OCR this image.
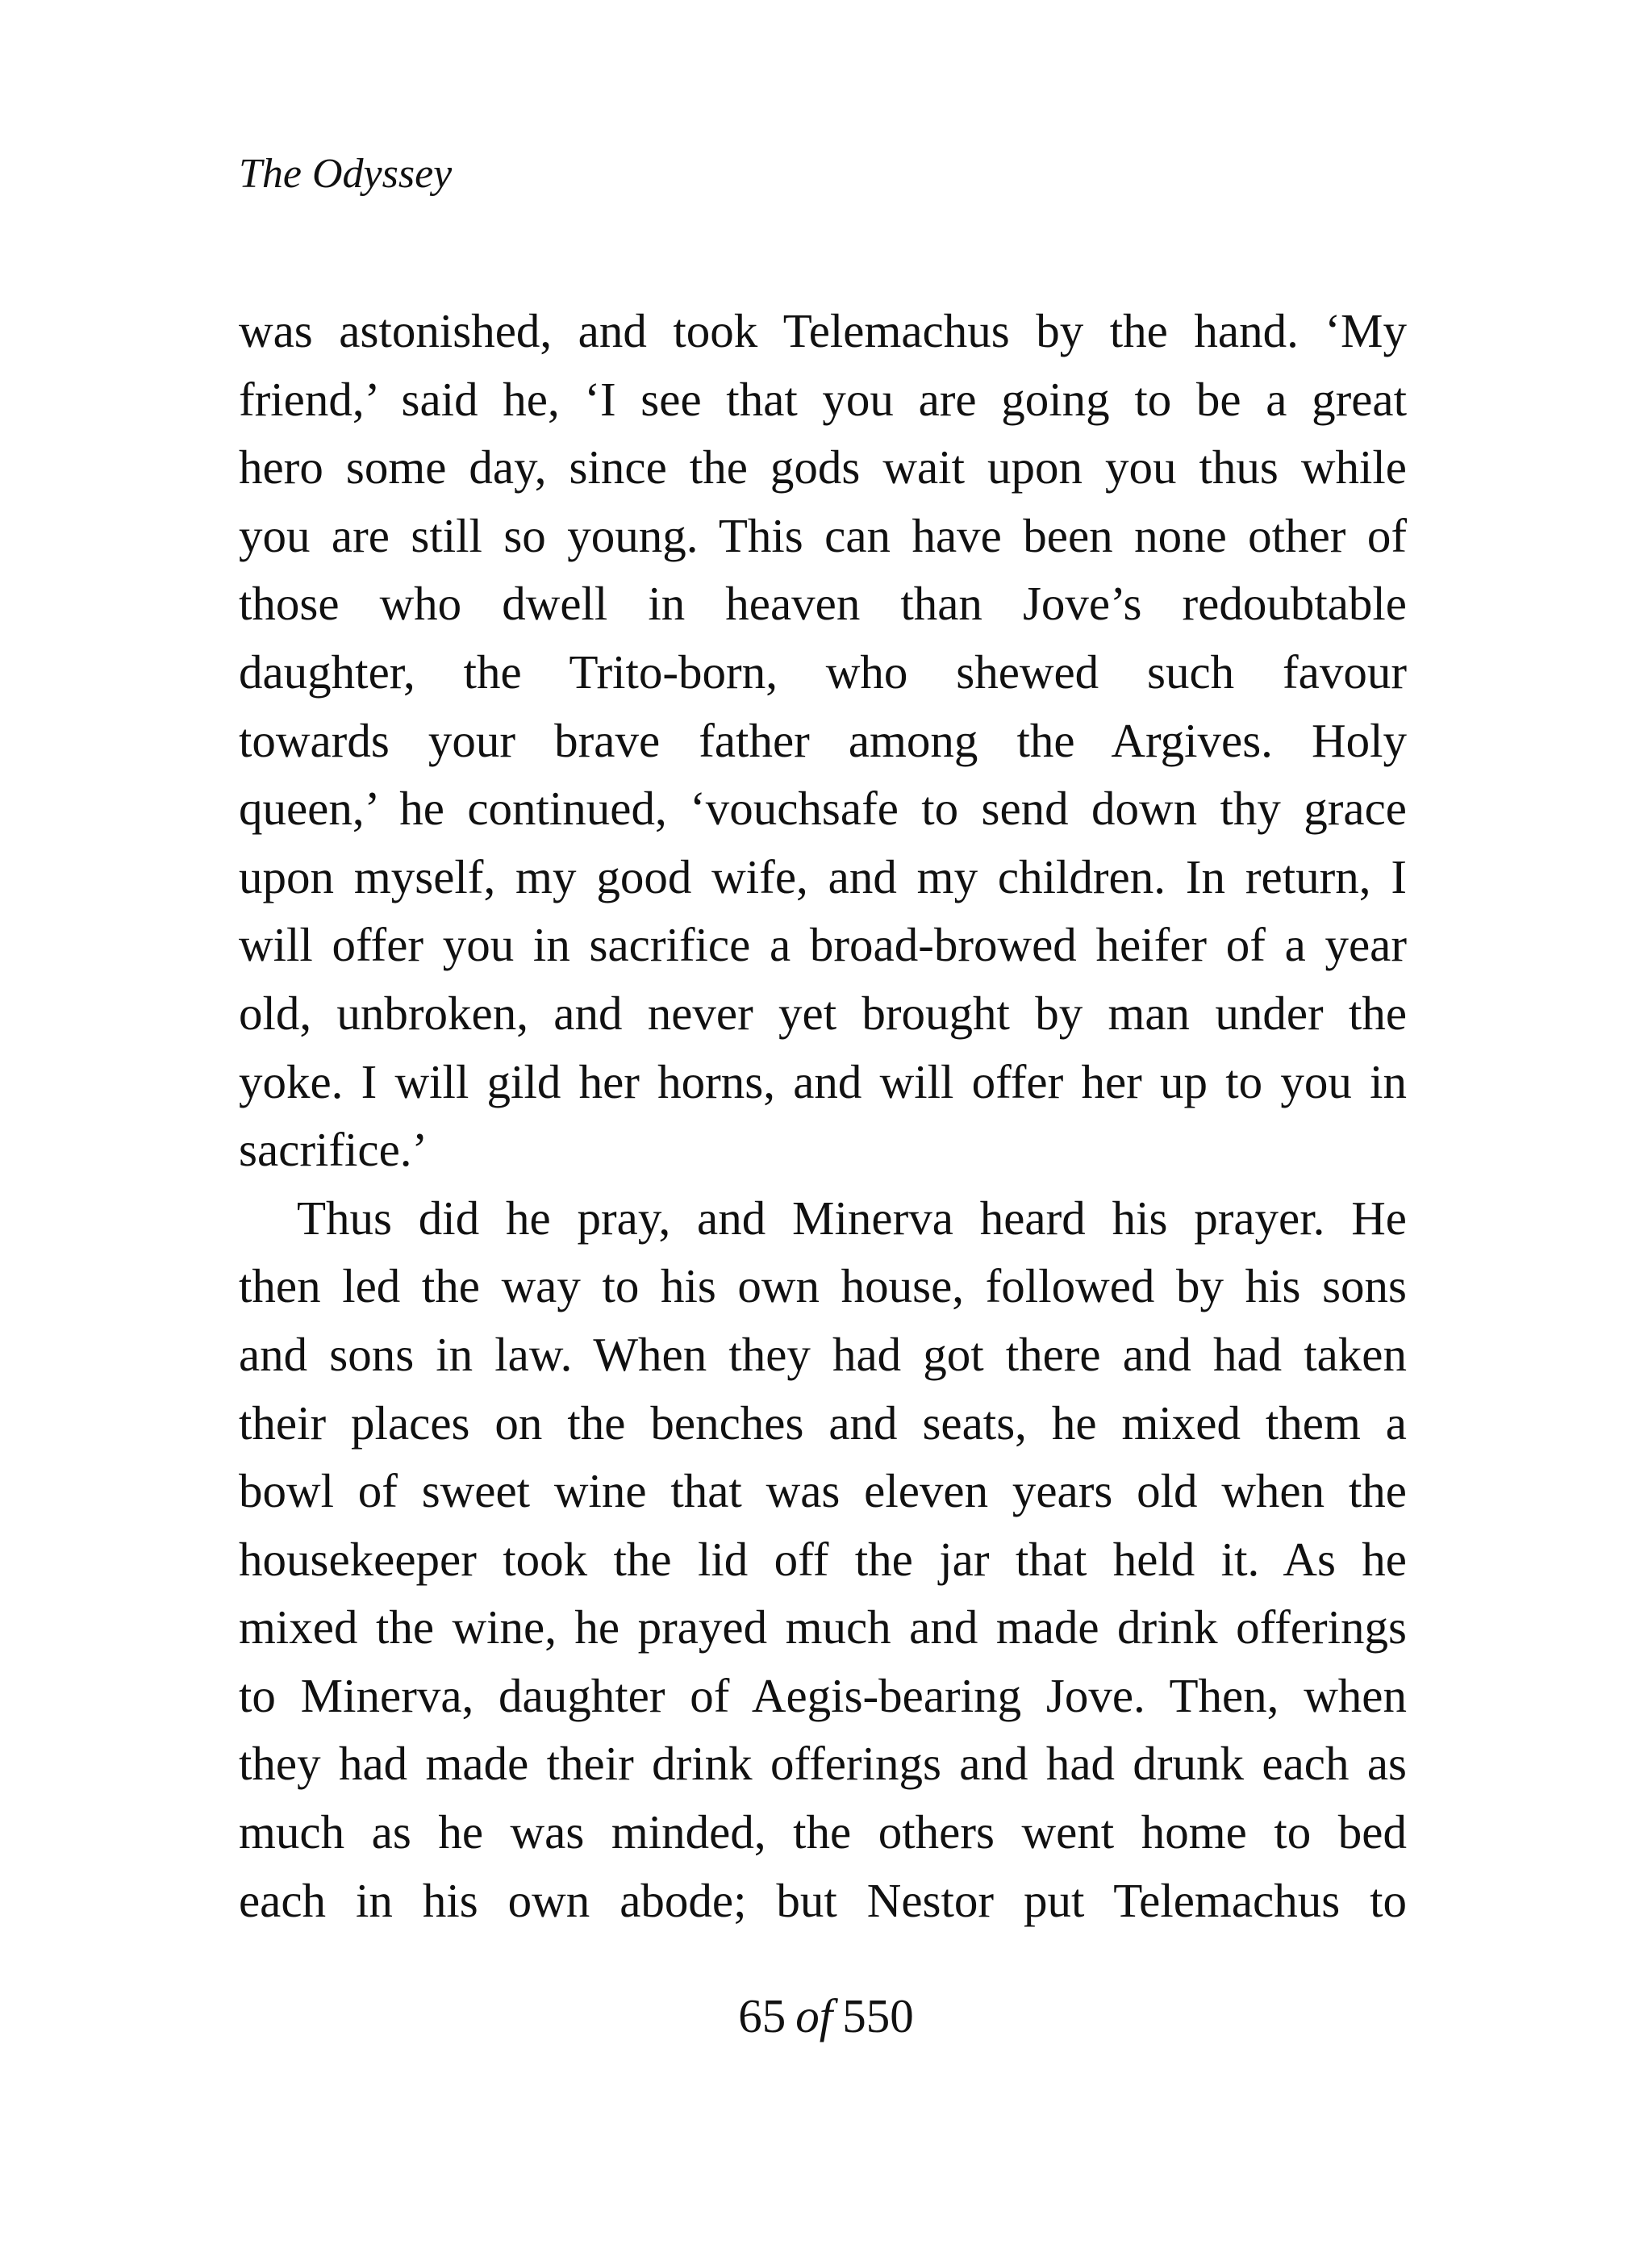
The Odyssey
was astonished, and took Telemachus by the hand. ‘My
friend,’ said he, ‘I see that you are going to be a great
hero some day, since the gods wait upon you thus while
you are still so young. This can have been none other of
those who dwell in heaven than Jove’s redoubtable
daughter, the Trito-born, who shewed such favour
towards your brave father among the Argives. Holy
queen,’ he continued, ‘vouchsafe to send down thy grace
upon myself, my good wife, and my children. In return, I
will offer you in sacrifice a broad-browed heifer of a year
old, unbroken, and never yet brought by man under the
yoke. I will gild her horns, and will offer her up to you in
sacrifice.’
Thus did he pray, and Minerva heard his prayer. He
then led the way to his own house, followed by his sons
and sons in law. When they had got there and had taken
their places on the benches and seats, he mixed them a
bowl of sweet wine that was eleven years old when the
housekeeper took the lid off the jar that held it. As he
mixed the wine, he prayed much and made drink offerings
to Minerva, daughter of Aegis-bearing Jove. Then, when
they had made their drink offerings and had drunk each as
much as he was minded, the others went home to bed
each in his own abode; but Nestor put Telemachus to
65 of 550
